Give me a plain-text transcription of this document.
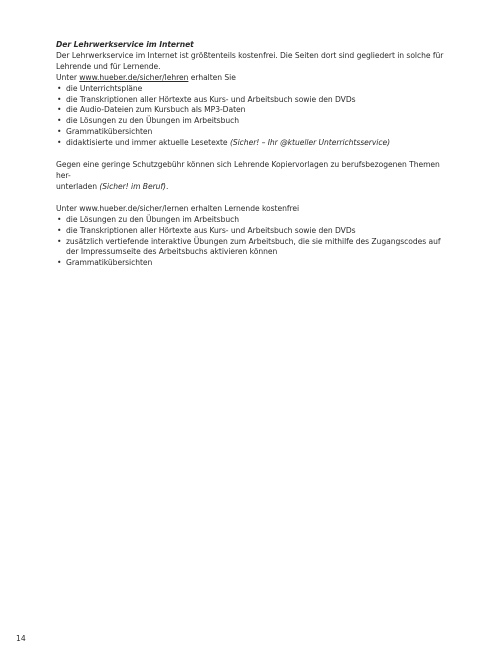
Der Lehrwerkservice im Internet

Der Lehrwerkservice im Internet ist größtenteils kostenfrei. Die Seiten dort sind gegliedert in solche für
Lehrende und für Lernende.

Unter www.hueber.de/sicher/lehren erhalten Sie

• die Unterrichtspläne
• die Transkriptionen aller Hörtexte aus Kurs- und Arbeitsbuch sowie den DVDs
• die Audio-Dateien zum Kursbuch als MP3-Daten
• die Lösungen zu den Übungen im Arbeitsbuch
• Grammatikübersichten
• didaktisierte und immer aktuelle Lesetexte (Sicher! – Ihr @ktueller Unterrichtsservice)

Gegen eine geringe Schutzgebühr können sich Lehrende Kopiervorlagen zu berufsbezogenen Themen her-
unterladen (Sicher! im Beruf).

Unter www.hueber.de/sicher/lernen erhalten Lernende kostenfrei

• die Lösungen zu den Übungen im Arbeitsbuch
• die Transkriptionen aller Hörtexte aus Kurs- und Arbeitsbuch sowie den DVDs
• zusätzlich vertiefende interaktive Übungen zum Arbeitsbuch, die sie mithilfe des Zugangscodes auf
der Impressumseite des Arbeitsbuchs aktivieren können
• Grammatikübersichten
14
